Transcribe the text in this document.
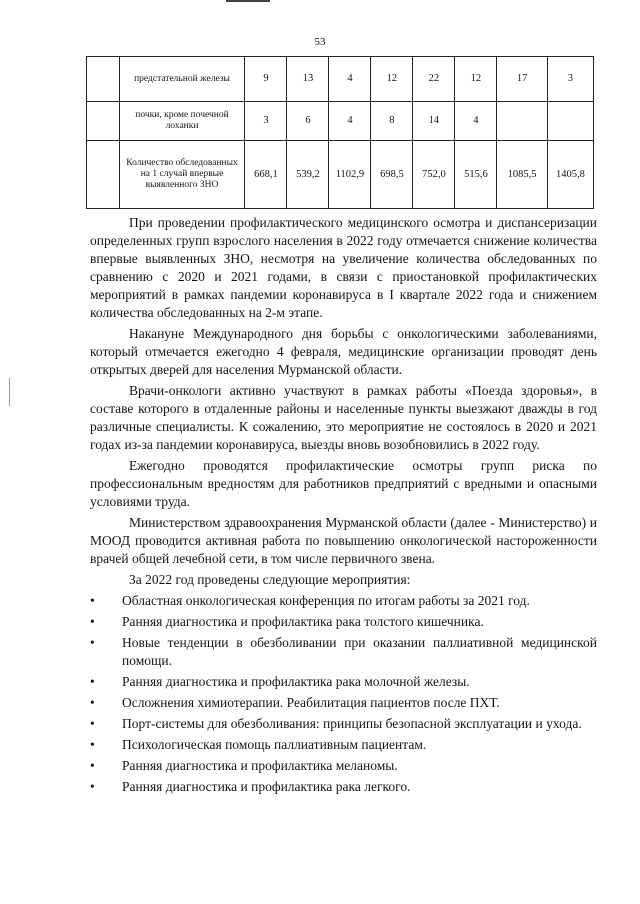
53
	предстательной железы	9	13	4	12	22	12	17	3
	почки, кроме почечной лоханки	3	6	4	8	14	4		
	Количество обследованных на 1 случай впервые выявленного ЗНО	668,1	539,2	1102,9	698,5	752,0	515,6	1085,5	1405,8

При проведении профилактического медицинского осмотра и диспансеризации определенных групп взрослого населения в 2022 году отмечается снижение количества впервые выявленных ЗНО, несмотря на увеличение количества обследованных по сравнению с 2020 и 2021 годами, в связи с приостановкой профилактических мероприятий в рамках пандемии коронавируса в I квартале 2022 года и снижением количества обследованных на 2-м этапе.

Накануне Международного дня борьбы с онкологическими заболеваниями, который отмечается ежегодно 4 февраля, медицинские организации проводят день открытых дверей для населения Мурманской области.

Врачи-онкологи активно участвуют в рамках работы «Поезда здоровья», в составе которого в отдаленные районы и населенные пункты выезжают дважды в год различные специалисты. К сожалению, это мероприятие не состоялось в 2020 и 2021 годах из-за пандемии коронавируса, выезды вновь возобновились в 2022 году.

Ежегодно проводятся профилактические осмотры групп риска по профессиональным вредностям для работников предприятий с вредными и опасными условиями труда.

Министерством здравоохранения Мурманской области (далее - Министерство) и МООД проводится активная работа по повышению онкологической настороженности врачей общей лечебной сети, в том числе первичного звена.

За 2022 год проведены следующие мероприятия:

• Областная онкологическая конференция по итогам работы за 2021 год.
• Ранняя диагностика и профилактика рака толстого кишечника.
• Новые тенденции в обезболивании при оказании паллиативной медицинской помощи.
• Ранняя диагностика и профилактика рака молочной железы.
• Осложнения химиотерапии. Реабилитация пациентов после ПХТ.
• Порт-системы для обезболивания: принципы безопасной эксплуатации и ухода.
• Психологическая помощь паллиативным пациентам.
• Ранняя диагностика и профилактика меланомы.
• Ранняя диагностика и профилактика рака легкого.
